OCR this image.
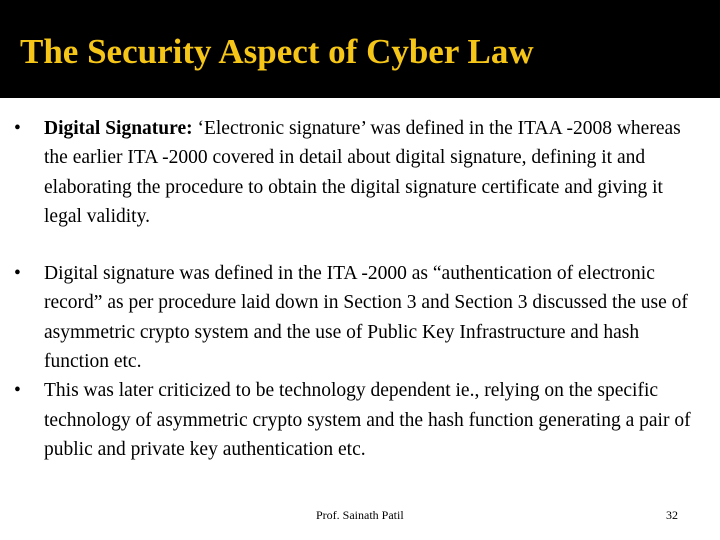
The Security Aspect of Cyber Law
•	Digital Signature: ‘Electronic signature’ was defined in the ITAA -2008 whereas the earlier ITA -2000 covered in detail about digital signature, defining it and elaborating the procedure to obtain the digital signature certificate and giving it legal validity.
•	Digital signature was defined in the ITA -2000 as “authentication of electronic record” as per procedure laid down in Section 3 and Section 3 discussed the use of asymmetric crypto system and the use of Public Key Infrastructure and hash function etc.
•	This was later criticized to be technology dependent ie., relying on the specific technology of asymmetric crypto system and the hash function generating a pair of public and private key authentication etc.
Prof. Sainath Patil	32
